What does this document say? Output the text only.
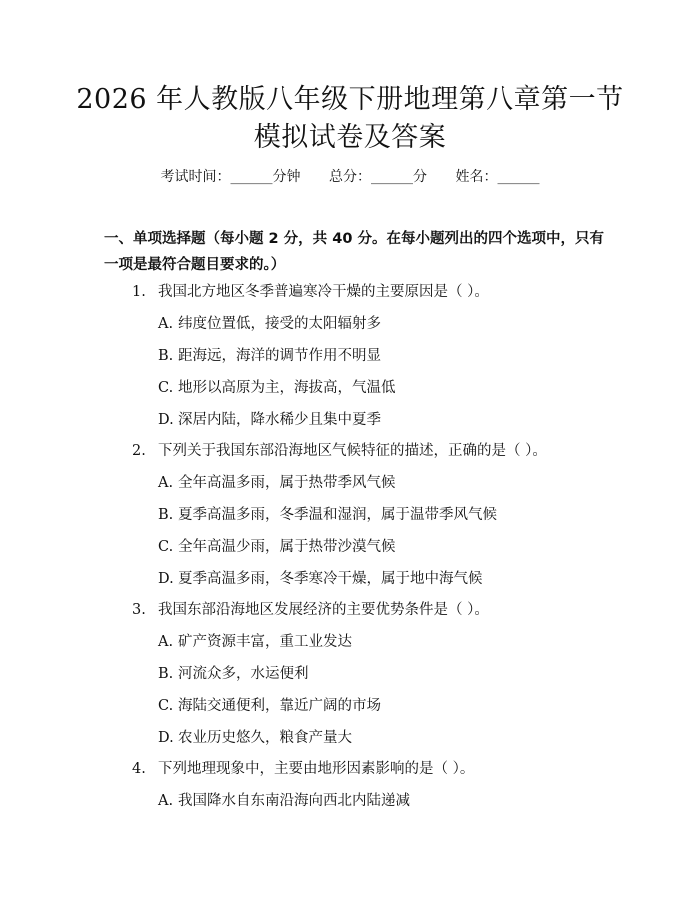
2026 年人教版八年级下册地理第八章第一节
模拟试卷及答案
考试时间：______分钟 总分：______分 姓名：______
一、单项选择题（每小题 2 分，共 40 分。在每小题列出的四个选项中，只有一项是最符合题目要求的。）
1. 我国北方地区冬季普遍寒冷干燥的主要原因是（ ）。
A. 纬度位置低，接受的太阳辐射多
B. 距海远，海洋的调节作用不明显
C. 地形以高原为主，海拔高，气温低
D. 深居内陆，降水稀少且集中夏季
2. 下列关于我国东部沿海地区气候特征的描述，正确的是（ ）。
A. 全年高温多雨，属于热带季风气候
B. 夏季高温多雨，冬季温和湿润，属于温带季风气候
C. 全年高温少雨，属于热带沙漠气候
D. 夏季高温多雨，冬季寒冷干燥，属于地中海气候
3. 我国东部沿海地区发展经济的主要优势条件是（ ）。
A. 矿产资源丰富，重工业发达
B. 河流众多，水运便利
C. 海陆交通便利，靠近广阔的市场
D. 农业历史悠久，粮食产量大
4. 下列地理现象中，主要由地形因素影响的是（ ）。
A. 我国降水自东南沿海向西北内陆递减
